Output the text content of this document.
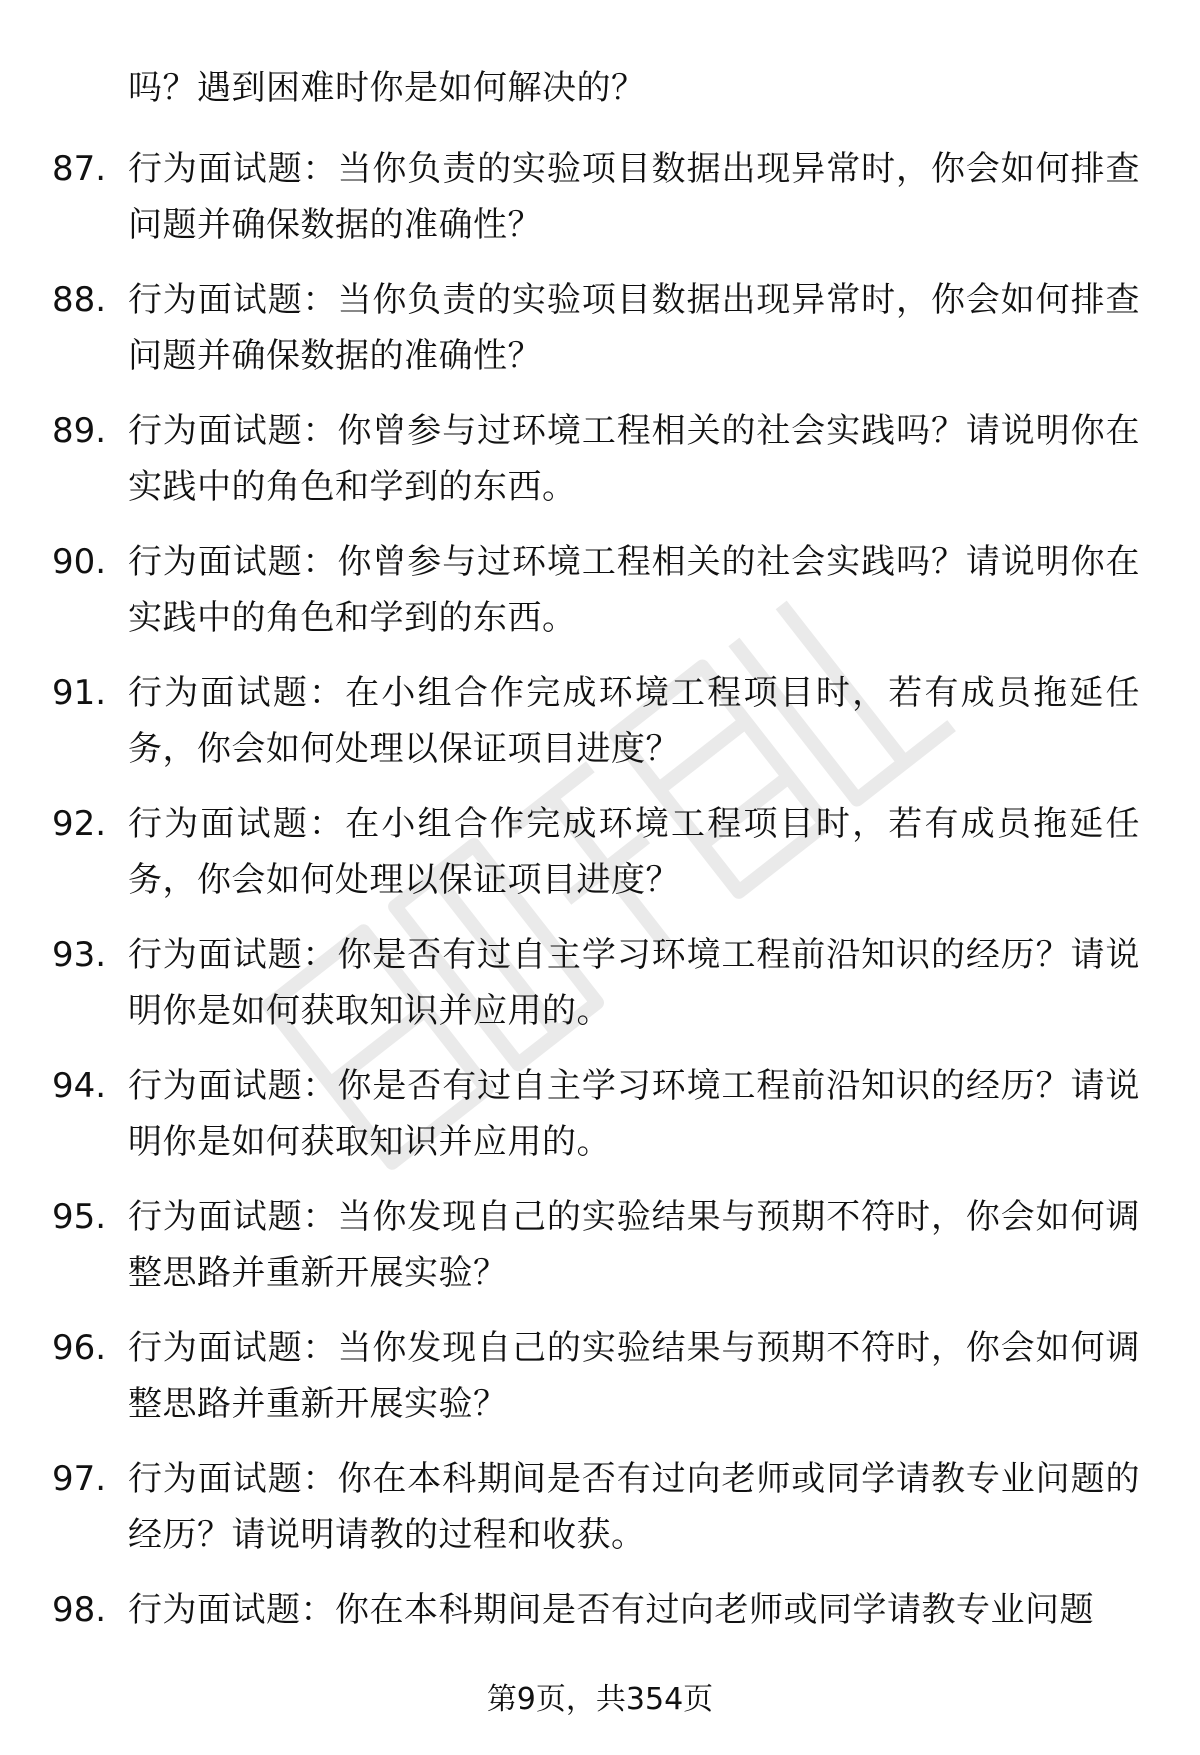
吗？遇到困难时你是如何解决的？
87. 行为面试题：当你负责的实验项目数据出现异常时，你会如何排查问题并确保数据的准确性？
88. 行为面试题：当你负责的实验项目数据出现异常时，你会如何排查问题并确保数据的准确性？
89. 行为面试题：你曾参与过环境工程相关的社会实践吗？请说明你在实践中的角色和学到的东西。
90. 行为面试题：你曾参与过环境工程相关的社会实践吗？请说明你在实践中的角色和学到的东西。
91. 行为面试题：在小组合作完成环境工程项目时，若有成员拖延任务，你会如何处理以保证项目进度？
92. 行为面试题：在小组合作完成环境工程项目时，若有成员拖延任务，你会如何处理以保证项目进度？
93. 行为面试题：你是否有过自主学习环境工程前沿知识的经历？请说明你是如何获取知识并应用的。
94. 行为面试题：你是否有过自主学习环境工程前沿知识的经历？请说明你是如何获取知识并应用的。
95. 行为面试题：当你发现自己的实验结果与预期不符时，你会如何调整思路并重新开展实验？
96. 行为面试题：当你发现自己的实验结果与预期不符时，你会如何调整思路并重新开展实验？
97. 行为面试题：你在本科期间是否有过向老师或同学请教专业问题的经历？请说明请教的过程和收获。
98. 行为面试题：你在本科期间是否有过向老师或同学请教专业问题
第9页，共354页
